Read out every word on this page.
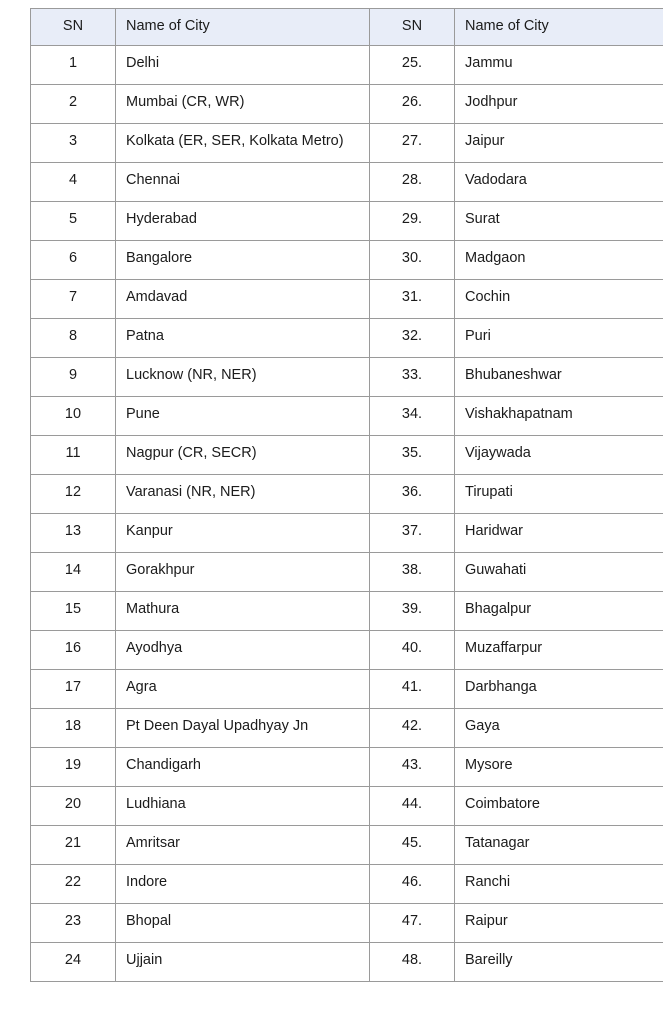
SN	Name of City	SN	Name of City
1	Delhi	25.	Jammu
2	Mumbai (CR, WR)	26.	Jodhpur
3	Kolkata (ER, SER, Kolkata Metro)	27.	Jaipur
4	Chennai	28.	Vadodara
5	Hyderabad	29.	Surat
6	Bangalore	30.	Madgaon
7	Amdavad	31.	Cochin
8	Patna	32.	Puri
9	Lucknow (NR, NER)	33.	Bhubaneshwar
10	Pune	34.	Vishakhapatnam
11	Nagpur (CR, SECR)	35.	Vijaywada
12	Varanasi (NR, NER)	36.	Tirupati
13	Kanpur	37.	Haridwar
14	Gorakhpur	38.	Guwahati
15	Mathura	39.	Bhagalpur
16	Ayodhya	40.	Muzaffarpur
17	Agra	41.	Darbhanga
18	Pt Deen Dayal Upadhyay Jn	42.	Gaya
19	Chandigarh	43.	Mysore
20	Ludhiana	44.	Coimbatore
21	Amritsar	45.	Tatanagar
22	Indore	46.	Ranchi
23	Bhopal	47.	Raipur
24	Ujjain	48.	Bareilly
